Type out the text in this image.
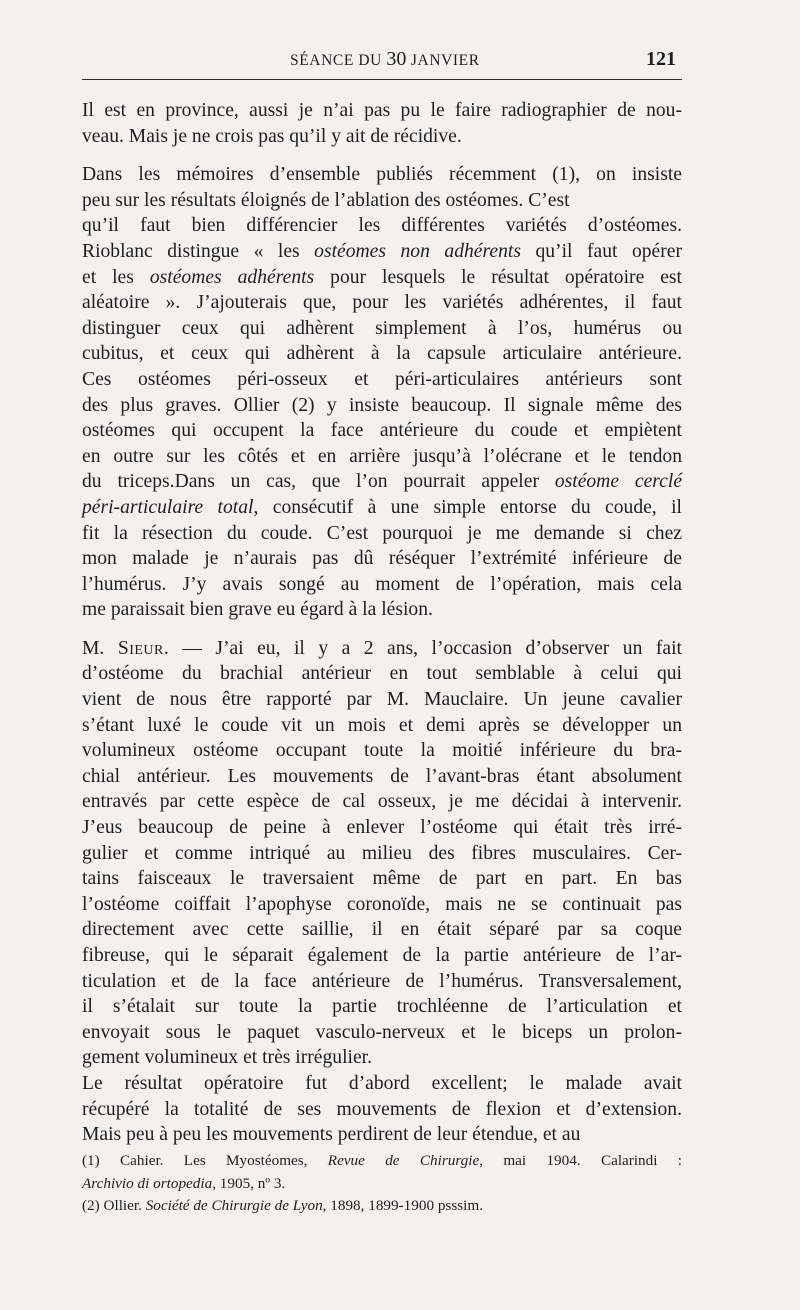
SÉANCE DU 30 JANVIER	121
Il est en province, aussi je n’ai pas pu le faire radiographier de nou-
veau. Mais je ne crois pas qu’il y ait de récidive.
Dans les mémoires d’ensemble publiés récemment (1), on insiste
peu sur les résultats éloignés de l’ablation des ostéomes. C’est
qu’il faut bien différencier les différentes variétés d’ostéomes.
Rioblanc distingue « les ostéomes non adhérents qu’il faut opérer
et les ostéomes adhérents pour lesquels le résultat opératoire est
aléatoire ». J’ajouterais que, pour les variétés adhérentes, il faut
distinguer ceux qui adhèrent simplement à l’os, humérus ou
cubitus, et ceux qui adhèrent à la capsule articulaire antérieure.
Ces ostéomes péri-osseux et péri-articulaires antérieurs sont
des plus graves. Ollier (2) y insiste beaucoup. Il signale même des
ostéomes qui occupent la face antérieure du coude et empiètent
en outre sur les côtés et en arrière jusqu’à l’olécrane et le tendon
du triceps.Dans un cas, que l’on pourrait appeler ostéome cerclé
péri-articulaire total, consécutif à une simple entorse du coude, il
fit la résection du coude. C’est pourquoi je me demande si chez
mon malade je n’aurais pas dû réséquer l’extrémité inférieure de
l’humérus. J’y avais songé au moment de l’opération, mais cela
me paraissait bien grave eu égard à la lésion.
M. Sieur. — J’ai eu, il y a 2 ans, l’occasion d’observer un fait
d’ostéome du brachial antérieur en tout semblable à celui qui
vient de nous être rapporté par M. Mauclaire. Un jeune cavalier
s’étant luxé le coude vit un mois et demi après se développer un
volumineux ostéome occupant toute la moitié inférieure du bra-
chial antérieur. Les mouvements de l’avant-bras étant absolument
entravés par cette espèce de cal osseux, je me décidai à intervenir.
J’eus beaucoup de peine à enlever l’ostéome qui était très irré-
gulier et comme intriqué au milieu des fibres musculaires. Cer-
tains faisceaux le traversaient même de part en part. En bas
l’ostéome coiffait l’apophyse coronoïde, mais ne se continuait pas
directement avec cette saillie, il en était séparé par sa coque
fibreuse, qui le séparait également de la partie antérieure de l’ar-
ticulation et de la face antérieure de l’humérus. Transversalement,
il s’étalait sur toute la partie trochléenne de l’articulation et
envoyait sous le paquet vasculo-nerveux et le biceps un prolon-
gement volumineux et très irrégulier.
Le résultat opératoire fut d’abord excellent; le malade avait
récupéré la totalité de ses mouvements de flexion et d’extension.
Mais peu à peu les mouvements perdirent de leur étendue, et au
(1) Cahier. Les Myostéomes, Revue de Chirurgie, mai 1904. Calarindi :
Archivio di ortopedia, 1905, nº 3.
(2) Ollier. Société de Chirurgie de Lyon, 1898, 1899-1900 psssim.
